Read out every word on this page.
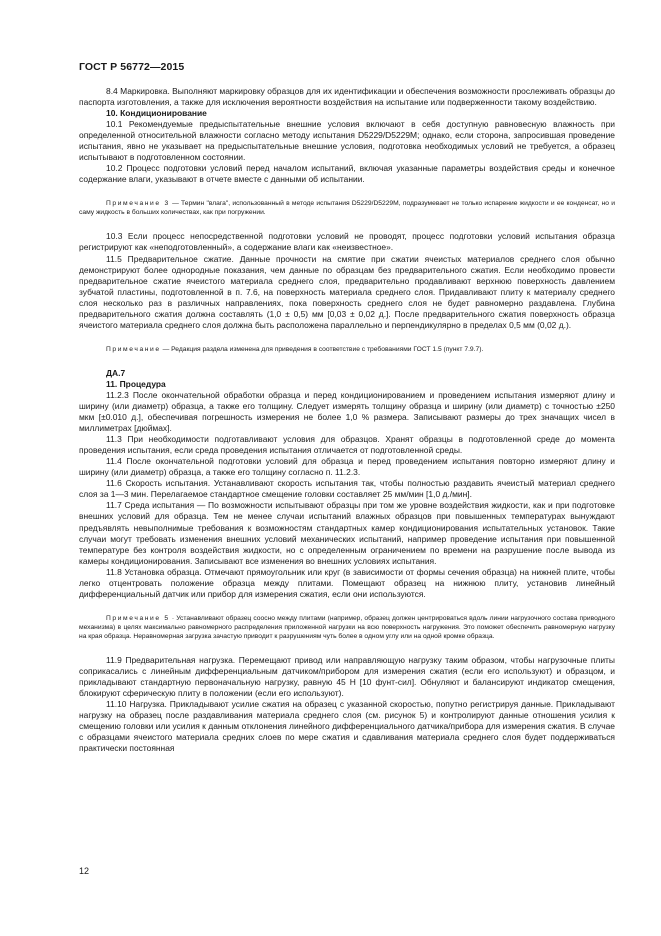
ГОСТ Р 56772—2015

8.4 Маркировка. Выполняют маркировку образцов для их идентификации и обеспечения возможности прослеживать образцы до паспорта изготовления, а также для исключения вероятности воздействия на испытание или подверженности такому воздействию.

10. Кондиционирование

10.1 Рекомендуемые предыспытательные внешние условия включают в себя доступную равновесную влажность при определенной относительной влажности согласно методу испытания D5229/D5229M; однако, если сторона, запросившая проведение испытания, явно не указывает на предыспытательные внешние условия, подготовка необходимых условий не требуется, а образец испытывают в подготовленном состоянии.

10.2 Процесс подготовки условий перед началом испытаний, включая указанные параметры воздействия среды и конечное содержание влаги, указывают в отчете вместе с данными об испытании.

Примечание 3 — Термин "влага", использованный в методе испытания D5229/D5229M, подразумевает не только испарение жидкости и ее конденсат, но и саму жидкость в больших количествах, как при погружении.

10.3 Если процесс непосредственной подготовки условий не проводят, процесс подготовки условий испытания образца регистрируют как «неподготовленный», а содержание влаги как «неизвестное».

11.5 Предварительное сжатие. Данные прочности на смятие при сжатии ячеистых материалов среднего слоя обычно демонстрируют более однородные показания, чем данные по образцам без предварительного сжатия. Если необходимо провести предварительное сжатие ячеистого материала среднего слоя, предварительно продавливают верхнюю поверхность давлением зубчатой пластины, подготовленной в п. 7.6, на поверхность материала среднего слоя. Придавливают плиту к материалу среднего слоя несколько раз в различных направлениях, пока поверхность среднего слоя не будет равномерно раздавлена. Глубина предварительного сжатия должна составлять (1,0 ± 0,5) мм [0,03 ± 0,02 д.]. После предварительного сжатия поверхность образца ячеистого материала среднего слоя должна быть расположена параллельно и перпендикулярно в пределах 0,5 мм (0,02 д.).

Примечание — Редакция раздела изменена для приведения в соответствие с требованиями ГОСТ 1.5 (пункт 7.9.7).

ДА.7

11. Процедура

11.2.3 После окончательной обработки образца и перед кондиционированием и проведением испытания измеряют длину и ширину (или диаметр) образца, а также его толщину. Следует измерять толщину образца и ширину (или диаметр) с точностью ±250 мкм [±0.010 д.], обеспечивая погрешность измерения не более 1,0 % размера. Записывают размеры до трех значащих чисел в миллиметрах [дюймах].

11.3 При необходимости подготавливают условия для образцов. Хранят образцы в подготовленной среде до момента проведения испытания, если среда проведения испытания отличается от подготовленной среды.

11.4 После окончательной подготовки условий для образца и перед проведением испытания повторно измеряют длину и ширину (или диаметр) образца, а также его толщину согласно п. 11.2.3.

11.6 Скорость испытания. Устанавливают скорость испытания так, чтобы полностью раздавить ячеистый материал среднего слоя за 1—3 мин. Перелагаемое стандартное смещение головки составляет 25 мм/мин [1,0 д./мин].

11.7 Среда испытания — По возможности испытывают образцы при том же уровне воздействия жидкости, как и при подготовке внешних условий для образца. Тем не менее случаи испытаний влажных образцов при повышенных температурах вынуждают предъявлять невыполнимые требования к возможностям стандартных камер кондиционирования испытательных установок. Такие случаи могут требовать изменения внешних условий механических испытаний, например проведение испытания при повышенной температуре без контроля воздействия жидкости, но с определенным ограничением по времени на разрушение после вывода из камеры кондиционирования. Записывают все изменения во внешних условиях испытания.

11.8 Установка образца. Отмечают прямоугольник или круг (в зависимости от формы сечения образца) на нижней плите, чтобы легко отцентровать положение образца между плитами. Помещают образец на нижнюю плиту, установив линейный дифференциальный датчик или прибор для измерения сжатия, если они используются.

Примечание 5 · Устанавливают образец соосно между плитами (например, образец должен центрироваться вдоль линии нагрузочного состава приводного механизма) в целях максимально равномерного распределения приложенной нагрузки на всю поверхность нагружения. Это поможет обеспечить равномерную нагрузку на края образца. Неравномерная загрузка зачастую приводит к разрушениям чуть более в одном углу или на одной кромке образца.

11.9 Предварительная нагрузка. Перемещают привод или направляющую нагрузку таким образом, чтобы нагрузочные плиты соприкасались с линейным дифференциальным датчиком/прибором для измерения сжатия (если его используют) и образцом, и прикладывают стандартную первоначальную нагрузку, равную 45 Н [10 фунт-сил]. Обнуляют и балансируют индикатор смещения, блокируют сферическую плиту в положении (если его используют).

11.10 Нагрузка. Прикладывают усилие сжатия на образец с указанной скоростью, попутно регистрируя данные. Прикладывают нагрузку на образец после раздавливания материала среднего слоя (см. рисунок 5) и контролируют данные отношения усилия к смещению головки или усилия к данным отклонения линейного дифференциального датчика/прибора для измерения сжатия. В случае с образцами ячеистого материала средних слоев по мере сжатия и сдавливания материала среднего слоя будет поддерживаться практически постоянная

12
